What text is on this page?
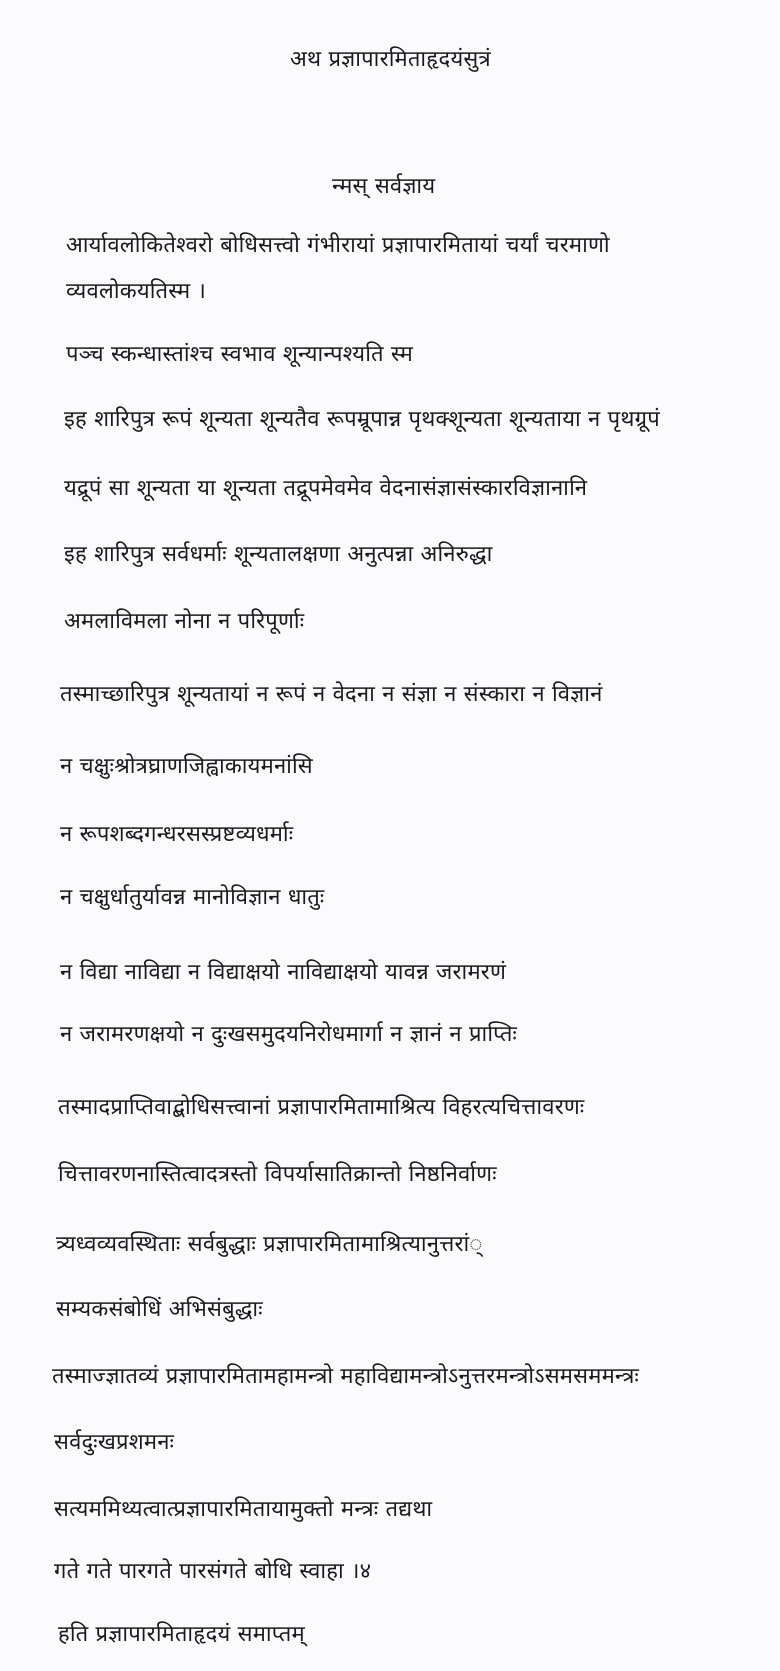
अथ प्रज्ञापारमिताहृदयंसुत्रं
न्मस् सर्वज्ञाय
आर्यावलोकितेश्वरो बोधिसत्त्वो गंभीरायां प्रज्ञापारमितायां चर्यां चरमाणो
व्यवलोकयतिस्म ।
पञ्च स्कन्धास्तांश्च स्वभाव शून्यान्पश्यति स्म
इह शारिपुत्र रूपं शून्यता शून्यतैव रूपम्रूपान्न पृथक्शून्यता शून्यताया न पृथग्रूपं
यद्रूपं सा शून्यता या शून्यता तद्रूपमेवमेव वेदनासंज्ञासंस्कारविज्ञानानि
इह शारिपुत्र सर्वधर्माः शून्यतालक्षणा अनुत्पन्ना अनिरुद्धा
अमलाविमला नोना न परिपूर्णाः
तस्माच्छारिपुत्र शून्यतायां न रूपं न वेदना न संज्ञा न संस्कारा न विज्ञानं
न चक्षुःश्रोत्रघ्राणजिह्वाकायमनांसि
न रूपशब्दगन्धरसस्प्रष्टव्यधर्माः
न चक्षुर्धातुर्यावन्न मानोविज्ञान धातुः
न विद्या नाविद्या न विद्याक्षयो नाविद्याक्षयो यावन्न जरामरणं
न जरामरणक्षयो न दुःखसमुदयनिरोधमार्गा न ज्ञानं न प्राप्तिः
तस्मादप्राप्तिवाद्बोधिसत्त्वानां प्रज्ञापारमितामाश्रित्य विहरत्यचित्तावरणः
चित्तावरणनास्तित्वादत्रस्तो विपर्यासातिक्रान्तो निष्ठनिर्वाणः
त्र्यध्वव्यवस्थिताः सर्वबुद्धाः प्रज्ञापारमितामाश्रित्यानुत्तरां्
सम्यकसंबोधिं अभिसंबुद्धाः
तस्माज्ज्ञातव्यं प्रज्ञापारमितामहामन्त्रो महाविद्यामन्त्रोऽनुत्तरमन्त्रोऽसमसममन्त्रः
सर्वदुःखप्रशमनः
सत्यममिथ्यत्वात्प्रज्ञापारमितायामुक्तो मन्त्रः तद्यथा
गते गते पारगते पारसंगते बोधि स्वाहा ।४
हति प्रज्ञापारमिताहृदयं समाप्तम्
